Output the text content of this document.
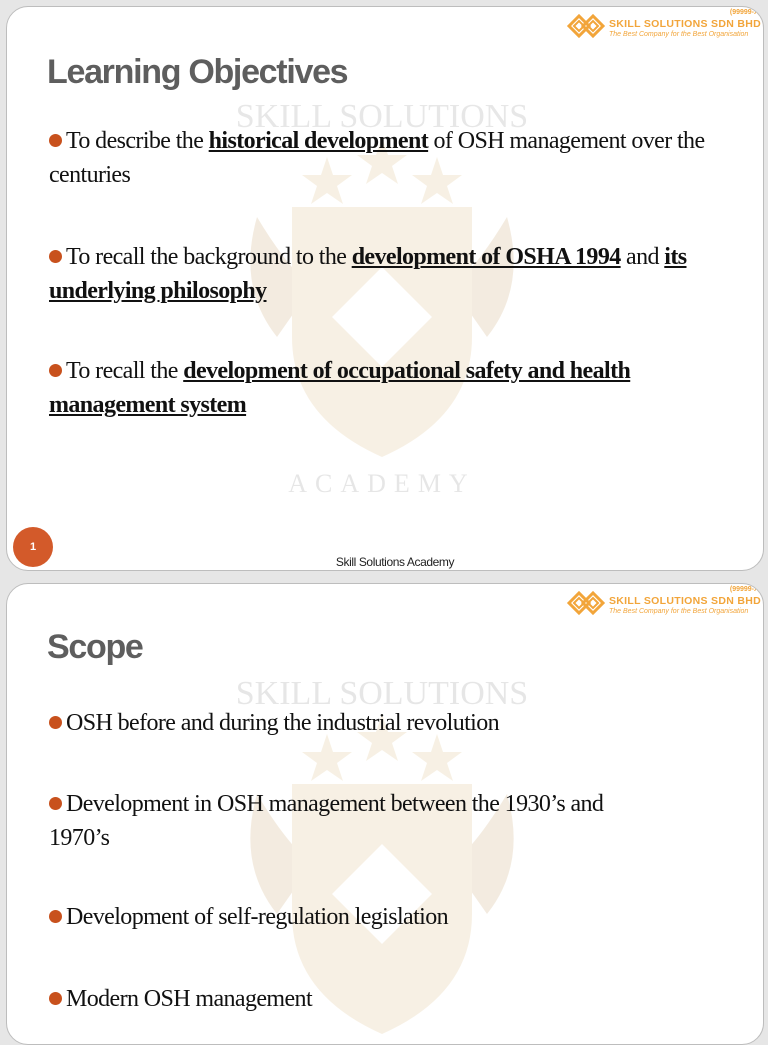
SKILL SOLUTIONS
ACADEMY
(99999-X)
SKILL SOLUTIONS SDN BHD
The Best Company for the Best Organisation
Learning Objectives
To describe the historical development of OSH management over the centuries
To recall the background to the development of OSHA 1994 and its underlying philosophy
To recall the development of occupational safety and health management system
1
Skill Solutions Academy
SKILL SOLUTIONS
(99999-X)
SKILL SOLUTIONS SDN BHD
The Best Company for the Best Organisation
Scope
OSH before and during the industrial revolution
Development in OSH management between the 1930’s and 1970’s
Development of self-regulation legislation
Modern OSH management
